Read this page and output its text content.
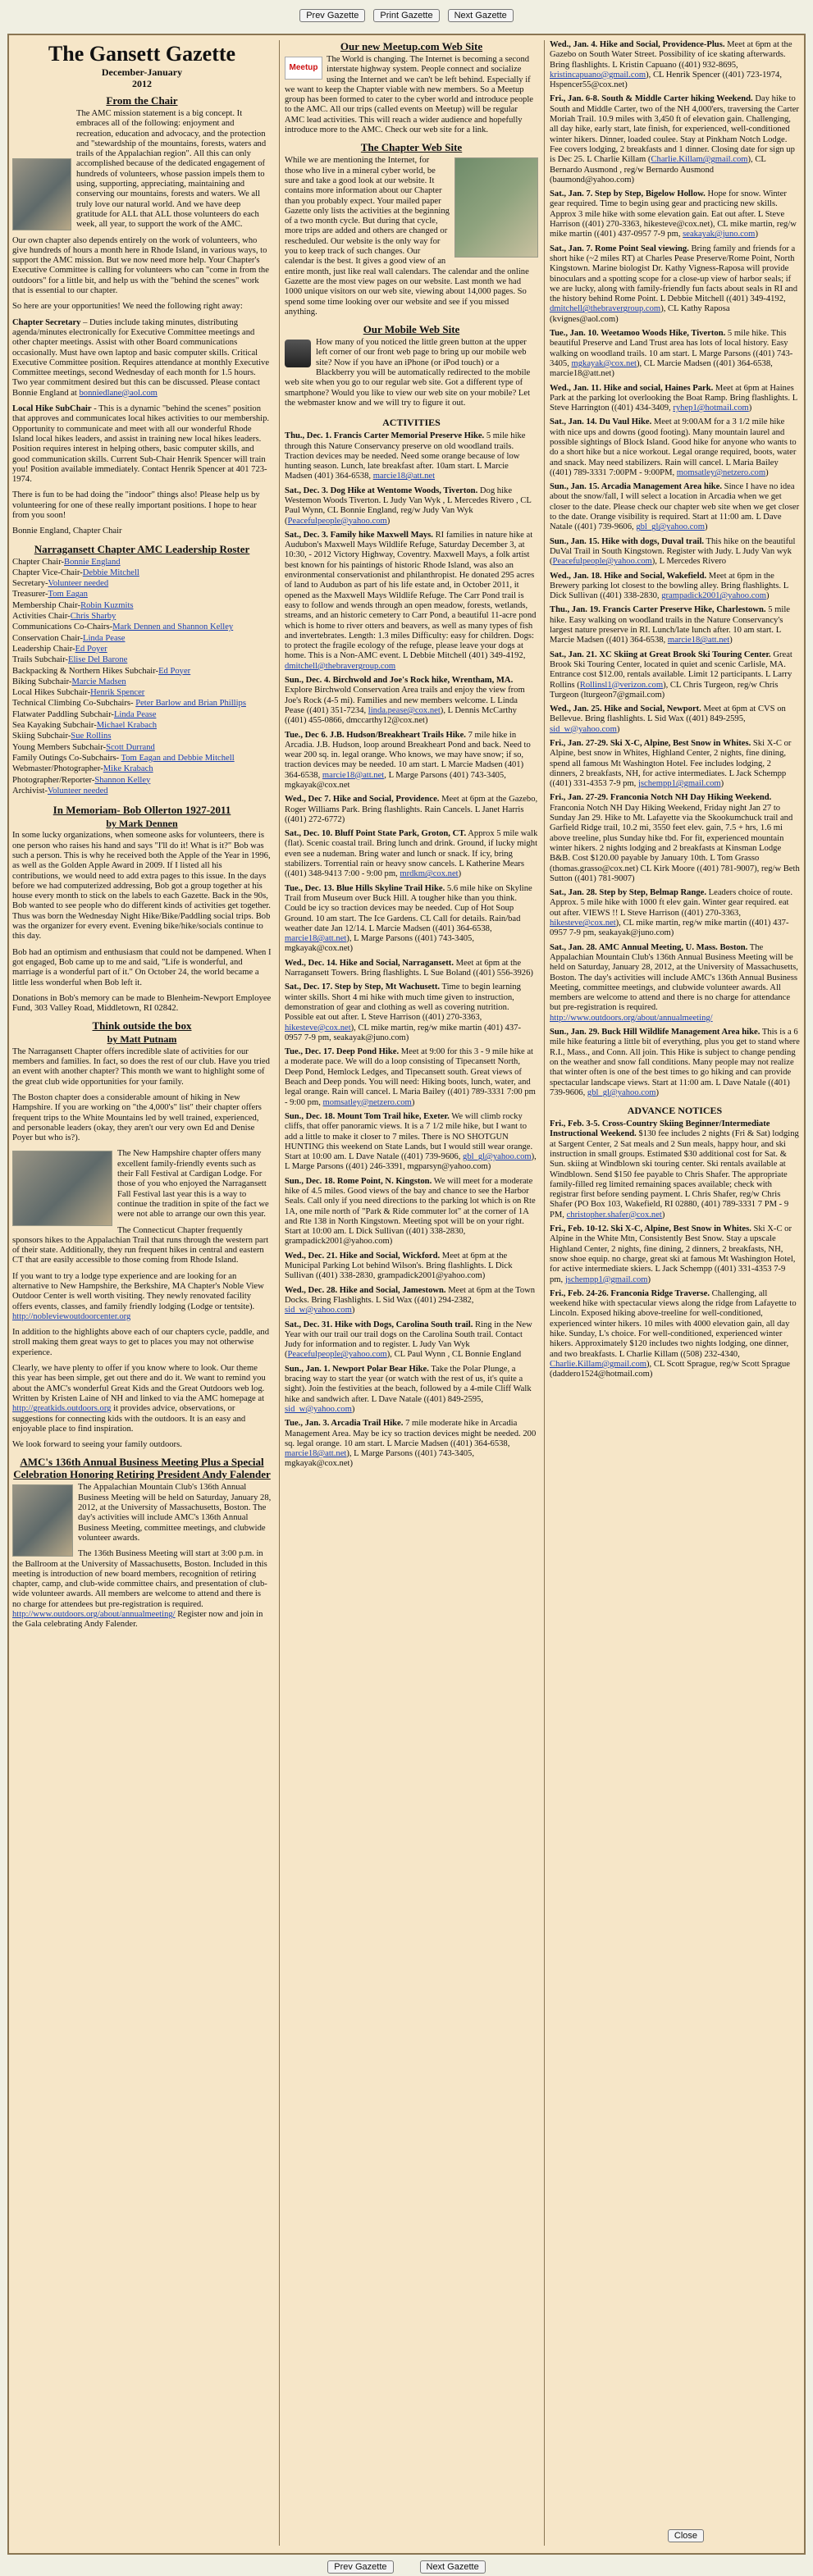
Prev Gazette Print Gazette Next Gazette
The Gansett Gazette
December-January
2012
From the Chair

The AMC mission statement is a big concept. It embraces all of the following: enjoyment and recreation, education and advocacy, and the protection and "stewardship of the mountains, forests, waters and trails of the Appalachian region". All this can only accomplished because of the dedicated engagement of hundreds of volunteers, whose passion impels them to using, supporting, appreciating, maintaining and conserving our mountains, forests and waters. We all truly love our natural world. And we have deep gratitude for ALL that ALL those volunteers do each week, all year, to support the work of the AMC.

Our own chapter also depends entirely on the work of volunteers, who give hundreds of hours a month here in Rhode Island, in various ways, to support the AMC mission. But we now need more help. Your Chapter's Executive Committee is calling for volunteers who can "come in from the outdoors" for a little bit, and help us with the "behind the scenes" work that is essential to our chapter.

So here are your opportunities! We need the following right away:

Chapter Secretary – Duties include taking minutes, distributing agenda/minutes electronically for Executive Committee meetings and other chapter meetings. Assist with other Board communications occasionally. Must have own laptop and basic computer skills. Critical Executive Committee position. Requires attendance at monthly Executive Committee meetings, second Wednesday of each month for 1.5 hours. Two year commitment desired but this can be discussed. Please contact Bonnie England at bonniedlane@aol.com

Local Hike SubChair - This is a dynamic "behind the scenes" position that approves and communicates local hikes activities to our membership. Opportunity to communicate and meet with all our wonderful Rhode Island local hikes leaders, and assist in training new local hikes leaders. Position requires interest in helping others, basic computer skills, and good communication skills. Current Sub-Chair Henrik Spencer will train you! Position available immediately. Contact Henrik Spencer at 401 723-1974.

There is fun to be had doing the "indoor" things also! Please help us by volunteering for one of these really important positions. I hope to hear from you soon!

Bonnie England, Chapter Chair

Narragansett Chapter AMC Leadership Roster

Chapter Chair-Bonnie England

Chapter Vice-Chair-Debbie Mitchell

Secretary-Volunteer needed

Treasurer-Tom Eagan

Membership Chair-Robin Kuzmits

Activities Chair-Chris Sharby

Communications Co-Chairs-Mark Dennen and Shannon Kelley

Conservation Chair-Linda Pease

Leadership Chair-Ed Poyer

Trails Subchair-Elise Del Barone

Backpacking & Northern Hikes Subchair-Ed Poyer

Biking Subchair-Marcie Madsen

Local Hikes Subchair-Henrik Spencer

Technical Climbing Co-Subchairs- Peter Barlow and Brian Phillips

Flatwater Paddling Subchair-Linda Pease

Sea Kayaking Subchair-Michael Krabach

Skiing Subchair-Sue Rollins

Young Members Subchair-Scott Durrand

Family Outings Co-Subchairs- Tom Eagan and Debbie Mitchell

Webmaster/Photographer-Mike Krabach

Photographer/Reporter-Shannon Kelley

Archivist-Volunteer needed

In Memoriam- Bob Ollerton 1927-2011
by Mark Dennen

In some lucky organizations, when someone asks for volunteers, there is one person who raises his hand and says "I'll do it! What is it?" Bob was such a person. This is why he received both the Apple of the Year in 1996, as well as the Golden Apple Award in 2009. If I listed all his contributions, we would need to add extra pages to this issue. In the days before we had computerized addressing, Bob got a group together at his house every month to stick on the labels to each Gazette. Back in the 90s, Bob wanted to see people who do different kinds of activities get together. Thus was born the Wednesday Night Hike/Bike/Paddling social trips. Bob was the organizer for every event. Evening bike/hike/socials continue to this day.

Bob had an optimism and enthusiasm that could not be dampened. When I got engaged, Bob came up to me and said, "Life is wonderful, and marriage is a wonderful part of it." On October 24, the world became a little less wonderful when Bob left it.

Donations in Bob's memory can be made to Blenheim-Newport Employee Fund, 303 Valley Road, Middletown, RI 02842.

Think outside the box
by Matt Putnam

The Narragansett Chapter offers incredible slate of activities for our members and families. In fact, so does the rest of our club. Have you tried an event with another chapter? This month we want to highlight some of the great club wide opportunities for your family.

The Boston chapter does a considerable amount of hiking in New Hampshire. If you are working on "the 4,000's" list" their chapter offers frequent trips to the White Mountains led by well trained, experienced, and personable leaders (okay, they aren't our very own Ed and Denise Poyer but who is?).

The New Hampshire chapter offers many excellent family-friendly events such as their Fall Festival at Cardigan Lodge. For those of you who enjoyed the Narragansett Fall Festival last year this is a way to continue the tradition in spite of the fact we were not able to arrange our own this year.

The Connecticut Chapter frequently sponsors hikes to the Appalachian Trail that runs through the western part of their state. Additionally, they run frequent hikes in central and eastern CT that are easily accessible to those coming from Rhode Island.

If you want to try a lodge type experience and are looking for an alternative to New Hampshire, the Berkshire, MA Chapter's Noble View Outdoor Center is well worth visiting. They newly renovated facility offers events, classes, and family friendly lodging (Lodge or tentsite). http://nobleviewoutdoorcenter.org

In addition to the highlights above each of our chapters cycle, paddle, and stroll making them great ways to get to places you may not otherwise experience.

Clearly, we have plenty to offer if you know where to look. Our theme this year has been simple, get out there and do it. We want to remind you about the AMC's wonderful Great Kids and the Great Outdoors web log. Written by Kristen Laine of NH and linked to via the AMC homepage at http://greatkids.outdoors.org it provides advice, observations, or suggestions for connecting kids with the outdoors. It is an easy and enjoyable place to find inspiration.

We look forward to seeing your family outdoors.

AMC's 136th Annual Business Meeting Plus a Special Celebration Honoring Retiring President Andy Falender

The Appalachian Mountain Club's 136th Annual Business Meeting will be held on Saturday, January 28, 2012, at the University of Massachusetts, Boston. The day's activities will include AMC's 136th Annual Business Meeting, committee meetings, and clubwide volunteer awards.

The 136th Business Meeting will start at 3:00 p.m. in the Ballroom at the University of Massachusetts, Boston. Included in this meeting is introduction of new board members, recognition of retiring chapter, camp, and club-wide committee chairs, and presentation of club-wide volunteer awards. All members are welcome to attend and there is no charge for attendees but pre-registration is required. http://www.outdoors.org/about/annualmeeting/ Register now and join in the Gala celebrating Andy Falender.

Our new Meetup.com Web Site
Meetup

The World is changing. The Internet is becoming a second interstate highway system. People connect and socialize using the Internet and we can't be left behind. Especially if we want to keep the Chapter viable with new members. So a Meetup group has been formed to cater to the cyber world and introduce people to the AMC. All our trips (called events on Meetup) will be regular AMC lead activities. This will reach a wider audience and hopefully introduce more to the AMC. Check our web site for a link.

The Chapter Web Site

While we are mentioning the Internet, for those who live in a mineral cyber world, be sure and take a good look at our website. It contains more information about our Chapter than you probably expect. Your mailed paper Gazette only lists the activities at the beginning of a two month cycle. But during that cycle, more trips are added and others are changed or rescheduled. Our website is the only way for you to keep track of such changes. Our calendar is the best. It gives a good view of an entire month, just like real wall calendars. The calendar and the online Gazette are the most view pages on our website. Last month we had 1000 unique visitors on our web site, viewing about 14,000 pages. So spend some time looking over our website and see if you missed anything.

Our Mobile Web Site

How many of you noticed the little green button at the upper left corner of our front web page to bring up our mobile web site? Now if you have an iPhone (or iPod touch) or a Blackberry you will be automatically redirected to the mobile web site when you go to our regular web site. Got a different type of smartphone? Would you like to view our web site on your mobile? Let the webmaster know and we will try to figure it out.

ACTIVITIES
Thu., Dec. 1. Francis Carter Memorial Preserve Hike. 5 mile hike through this Nature Conservancy preserve on old woodland trails. Traction devices may be needed. Need some orange because of low hunting season. Lunch, late breakfast after. 10am start. L Marcie Madsen (401) 364-6538, marcie18@att.net
Sat., Dec. 3. Dog Hike at Wentome Woods, Tiverton. Dog hike Westemon Woods Tiverton. L Judy Van Wyk , L Mercedes Rivero , CL Paul Wynn, CL Bonnie England, reg/w Judy Van Wyk (Peacefulpeople@yahoo.com)
Sat., Dec. 3. Family hike Maxwell Mays. RI families in nature hike at Audubon's Maxwell Mays Wildlife Refuge, Saturday December 3, at 10:30, - 2012 Victory Highway, Coventry. Maxwell Mays, a folk artist best known for his paintings of historic Rhode Island, was also an environmental conservationist and philanthropist. He donated 295 acres of land to Audubon as part of his life estate and, in October 2011, it opened as the Maxwell Mays Wildlife Refuge. The Carr Pond trail is easy to follow and wends through an open meadow, forests, wetlands, streams, and an historic cemetery to Carr Pond, a beautiful 11-acre pond which is home to river otters and beavers, as well as many types of fish and invertebrates. Length: 1.3 miles Difficulty: easy for children. Dogs: to protect the fragile ecology of the refuge, please leave your dogs at home. This is a Non-AMC event. L Debbie Mitchell (401) 349-4192, dmitchell@thebravergroup.com
Sun., Dec. 4. Birchwold and Joe's Rock hike, Wrentham, MA. Explore Birchwold Conservation Area trails and enjoy the view from Joe's Rock (4-5 mi). Families and new members welcome. L Linda Pease ((401) 351-7234, linda.pease@cox.net), L Dennis McCarthy ((401) 455-0866, dmccarthy12@cox.net)
Tue., Dec 6. J.B. Hudson/Breakheart Trails Hike. 7 mile hike in Arcadia. J.B. Hudson, loop around Breakheart Pond and back. Need to wear 200 sq. in. legal orange. Who knows, we may have snow; if so, traction devices may be needed. 10 am start. L Marcie Madsen (401) 364-6538, marcie18@att.net, L Marge Parsons (401) 743-3405, mgkayak@cox.net
Wed., Dec 7. Hike and Social, Providence. Meet at 6pm at the Gazebo, Roger Williams Park. Bring flashlights. Rain Cancels. L Janet Harris ((401) 272-6772)
Sat., Dec. 10. Bluff Point State Park, Groton, CT. Approx 5 mile walk (flat). Scenic coastal trail. Bring lunch and drink. Ground, if lucky might even see a nudeman. Bring water and lunch or snack. If icy, bring stabilizers. Torrential rain or heavy snow cancels. L Katherine Mears ((401) 348-9413 7:00 - 9:00 pm, mrdkm@cox.net)
Tue., Dec. 13. Blue Hills Skyline Trail Hike. 5.6 mile hike on Skyline Trail from Museum over Buck Hill. A tougher hike than you think. Could be icy so traction devices may be needed. Cup of Hot Soup Ground. 10 am start. The Ice Gardens. CL Call for details. Rain/bad weather date Jan 12/14. L Marcie Madsen ((401) 364-6538, marcie18@att.net), L Marge Parsons ((401) 743-3405, mgkayak@cox.net)
Wed., Dec. 14. Hike and Social, Narragansett. Meet at 6pm at the Narragansett Towers. Bring flashlights. L Sue Boland ((401) 556-3926)
Sat., Dec. 17. Step by Step, Mt Wachusett. Time to begin learning winter skills. Short 4 mi hike with much time given to instruction, demonstration of gear and clothing as well as covering nutrition. Possible eat out after. L Steve Harrison ((401) 270-3363, hikesteve@cox.net), CL mike martin, reg/w mike martin (401) 437-0957 7-9 pm, seakayak@juno.com)
Tue., Dec. 17. Deep Pond Hike. Meet at 9:00 for this 3 - 9 mile hike at a moderate pace. We will do a loop consisting of Tipecansett North, Deep Pond, Hemlock Ledges, and Tipecansett south. Great views of Beach and Deep ponds. You will need: Hiking boots, lunch, water, and legal orange. Rain will cancel. L Maria Bailey ((401) 789-3331 7:00 pm - 9:00 pm, momsatley@netzero.com)
Sun., Dec. 18. Mount Tom Trail hike, Exeter. We will climb rocky cliffs, that offer panoramic views. It is a 7 1/2 mile hike, but I want to add a little to make it closer to 7 miles. There is NO SHOTGUN HUNTING this weekend on State Lands, but I would still wear orange. Start at 10:00 am. L Dave Natale ((401) 739-9606, gbl_gl@yahoo.com), L Marge Parsons ((401) 246-3391, mgparsyn@yahoo.com)
Sun., Dec. 18. Rome Point, N. Kingston. We will meet for a moderate hike of 4.5 miles. Good views of the bay and chance to see the Harbor Seals. Call only if you need directions to the parking lot which is on Rte 1A, one mile north of "Park & Ride commuter lot" at the corner of 1A and Rte 138 in North Kingstown. Meeting spot will be on your right. Start at 10:00 am. L Dick Sullivan ((401) 338-2830, grampadick2001@yahoo.com)
Wed., Dec. 21. Hike and Social, Wickford. Meet at 6pm at the Municipal Parking Lot behind Wilson's. Bring flashlights. L Dick Sullivan ((401) 338-2830, grampadick2001@yahoo.com)
Wed., Dec. 28. Hike and Social, Jamestown. Meet at 6pm at the Town Docks. Bring Flashlights. L Sid Wax ((401) 294-2382, sid_w@yahoo.com)
Sat., Dec. 31. Hike with Dogs, Carolina South trail. Ring in the New Year with our trail our trail dogs on the Carolina South trail. Contact Judy for information and to register. L Judy Van Wyk (Peacefulpeople@yahoo.com), CL Paul Wynn , CL Bonnie England
Sun., Jan. 1. Newport Polar Bear Hike. Take the Polar Plunge, a bracing way to start the year (or watch with the rest of us, it's quite a sight). Join the festivities at the beach, followed by a 4-mile Cliff Walk hike and sandwich after. L Dave Natale ((401) 849-2595, sid_w@yahoo.com)
Tue., Jan. 3. Arcadia Trail Hike. 7 mile moderate hike in Arcadia Management Area. May be icy so traction devices might be needed. 200 sq. legal orange. 10 am start. L Marcie Madsen ((401) 364-6538, marcie18@att.net), L Marge Parsons ((401) 743-3405, mgkayak@cox.net)
Wed., Jan. 4. Hike and Social, Providence-Plus. Meet at 6pm at the Gazebo on South Water Street. Possibility of ice skating afterwards. Bring flashlights. L Kristin Capuano ((401) 932-8695, kristincapuano@gmail.com), CL Henrik Spencer ((401) 723-1974, Hspencer55@cox.net)
Fri., Jan. 6-8. South & Middle Carter hiking Weekend. Day hike to South and Middle Carter, two of the NH 4,000'ers, traversing the Carter Moriah Trail. 10.9 miles with 3,450 ft of elevation gain. Challenging, all day hike, early start, late finish, for experienced, well-conditioned winter hikers. Dinner, loaded coulee. Stay at Pinkham Notch Lodge. Fee covers lodging, 2 breakfasts and 1 dinner. Closing date for sign up is Dec 25. L Charlie Killam (Charlie.Killam@gmail.com), CL Bernardo Ausmond , reg/w Bernardo Ausmond (baumond@yahoo.com)
Sat., Jan. 7. Step by Step, Bigelow Hollow. Hope for snow. Winter gear required. Time to begin using gear and practicing new skills. Approx 3 mile hike with some elevation gain. Eat out after. L Steve Harrison ((401) 270-3363, hikesteve@cox.net), CL mike martin, reg/w mike martin ((401) 437-0957 7-9 pm, seakayak@juno.com)
Sat., Jan. 7. Rome Point Seal viewing. Bring family and friends for a short hike (~2 miles RT) at Charles Pease Preserve/Rome Point, North Kingstown. Marine biologist Dr. Kathy Vigness-Raposa will provide binoculars and a spotting scope for a close-up view of harbor seals; if we are lucky, along with family-friendly fun facts about seals in RI and the history behind Rome Point. L Debbie Mitchell ((401) 349-4192, dmitchell@thebravergroup.com), CL Kathy Raposa (kvignes@aol.com)
Tue., Jan. 10. Weetamoo Woods Hike, Tiverton. 5 mile hike. This beautiful Preserve and Land Trust area has lots of local history. Easy walking on woodland trails. 10 am start. L Marge Parsons ((401) 743-3405, mgkayak@cox.net), CL Marcie Madsen ((401) 364-6538, marcie18@att.net)
Wed., Jan. 11. Hike and social, Haines Park. Meet at 6pm at Haines Park at the parking lot overlooking the Boat Ramp. Bring flashlights. L Steve Harrington ((401) 434-3409, ryhep1@hotmail.com)
Sat., Jan. 14. Du Vaul Hike. Meet at 9:00AM for a 3 1/2 mile hike with nice ups and downs (good footing). Many mountain laurel and possible sightings of Block Island. Good hike for anyone who wants to do a short hike but a nice workout. Legal orange required, boots, water and snack. May need stabilizers. Rain will cancel. L Maria Bailey ((401) 789-3331 7:00PM - 9:00PM, momsatley@netzero.com)
Sun., Jan. 15. Arcadia Management Area hike. Since I have no idea about the snow/fall, I will select a location in Arcadia when we get closer to the date. Please check our chapter web site when we get closer to the date. Orange visibility is required. Start at 11:00 am. L Dave Natale ((401) 739-9606, gbl_gl@yahoo.com)
Sun., Jan. 15. Hike with dogs, Duval trail. This hike on the beautiful DuVal Trail in South Kingstown. Register with Judy. L Judy Van wyk (Peacefulpeople@yahoo.com), L Mercedes Rivero
Wed., Jan. 18. Hike and Social, Wakefield. Meet at 6pm in the Brewery parking lot closest to the bowling alley. Bring flashlights. L Dick Sullivan ((401) 338-2830, grampadick2001@yahoo.com)
Thu., Jan. 19. Francis Carter Preserve Hike, Charlestown. 5 mile hike. Easy walking on woodland trails in the Nature Conservancy's largest nature preserve in RI. Lunch/late lunch after. 10 am start. L Marcie Madsen ((401) 364-6538, marcie18@att.net)
Sat., Jan. 21. XC Skiing at Great Brook Ski Touring Center. Great Brook Ski Touring Center, located in quiet and scenic Carlisle, MA. Entrance cost $12.00, rentals available. Limit 12 participants. L Larry Rollins (Rollinsl1@verizon.com), CL Chris Turgeon, reg/w Chris Turgeon (lturgeon7@gmail.com)
Wed., Jan. 25. Hike and Social, Newport. Meet at 6pm at CVS on Bellevue. Bring flashlights. L Sid Wax ((401) 849-2595, sid_w@yahoo.com)
Fri., Jan. 27-29. Ski X-C, Alpine, Best Snow in Whites. Ski X-C or Alpine, best snow in Whites, Highland Center, 2 nights, fine dining, spend all famous Mt Washington Hotel. Fee includes lodging, 2 dinners, 2 breakfasts, NH, for active intermediates. L Jack Schempp ((401) 331-4353 7-9 pm, jschempp1@gmail.com)
Fri., Jan. 27-29. Franconia Notch NH Day Hiking Weekend. Franconia Notch NH Day Hiking Weekend, Friday night Jan 27 to Sunday Jan 29. Hike to Mt. Lafayette via the Skookumchuck trail and Garfield Ridge trail, 10.2 mi, 3550 feet elev. gain, 7.5 + hrs, 1.6 mi above treeline, plus Sunday hike tbd. For fit, experienced mountain winter hikers. 2 nights lodging and 2 breakfasts at Kinsman Lodge B&B. Cost $120.00 payable by January 10th. L Tom Grasso (thomas.grasso@cox.net) CL Kirk Moore ((401) 781-9007), reg/w Beth Sutton ((401) 781-9007)
Sat., Jan. 28. Step by Step, Belmap Range. Leaders choice of route. Approx. 5 mile hike with 1000 ft elev gain. Winter gear required. eat out after. VIEWS !! L Steve Harrison ((401) 270-3363, hikesteve@cox.net), CL mike martin, reg/w mike martin ((401) 437-0957 7-9 pm, seakayak@juno.com)
Sat., Jan. 28. AMC Annual Meeting, U. Mass. Boston. The Appalachian Mountain Club's 136th Annual Business Meeting will be held on Saturday, January 28, 2012, at the University of Massachusetts, Boston. The day's activities will include AMC's 136th Annual Business Meeting, committee meetings, and clubwide volunteer awards. All members are welcome to attend and there is no charge for attendance but pre-registration is required. http://www.outdoors.org/about/annualmeeting/
Sun., Jan. 29. Buck Hill Wildlife Management Area hike. This is a 6 mile hike featuring a little bit of everything, plus you get to stand where R.I., Mass., and Conn. All join. This Hike is subject to change pending on the weather and snow fall conditions. Many people may not realize that winter often is one of the best times to go hiking and can provide spectacular landscape views. Start at 11:00 am. L Dave Natale ((401) 739-9606, gbl_gl@yahoo.com)
ADVANCE NOTICES
Fri., Feb. 3-5. Cross-Country Skiing Beginner/Intermediate Instructional Weekend. $130 fee includes 2 nights (Fri & Sat) lodging at Sargent Center, 2 Sat meals and 2 Sun meals, happy hour, and ski instruction in small groups. Estimated $30 additional cost for Sat. & Sun. skiing at Windblown ski touring center. Ski rentals available at Windblown. Send $150 fee payable to Chris Shafer. The appropriate family-filled reg limited remaining spaces available; check with registrar first before sending payment. L Chris Shafer, reg/w Chris Shafer (PO Box 103, Wakefield, RI 02880, (401) 789-3331 7 PM - 9 PM, christopher.shafer@cox.net)
Fri., Feb. 10-12. Ski X-C, Alpine, Best Snow in Whites. Ski X-C or Alpine in the White Mtn, Consistently Best Snow. Stay a upscale Highland Center, 2 nights, fine dining, 2 dinners, 2 breakfasts, NH, snow shoe equip. no charge, great ski at famous Mt Washington Hotel, for active intermediate skiers. L Jack Schempp ((401) 331-4353 7-9 pm, jschempp1@gmail.com)
Fri., Feb. 24-26. Franconia Ridge Traverse. Challenging, all weekend hike with spectacular views along the ridge from Lafayette to Lincoln. Exposed hiking above-treeline for well-conditioned, experienced winter hikers. 10 miles with 4000 elevation gain, all day hike. Sunday, L's choice. For well-conditioned, experienced winter hikers. Approximately $120 includes two nights lodging, one dinner, and two breakfasts. L Charlie Killam ((508) 232-4340, Charlie.Killam@gmail.com), CL Scott Sprague, reg/w Scott Sprague (daddero1524@hotmail.com)
Close
Prev Gazette	Next Gazette
